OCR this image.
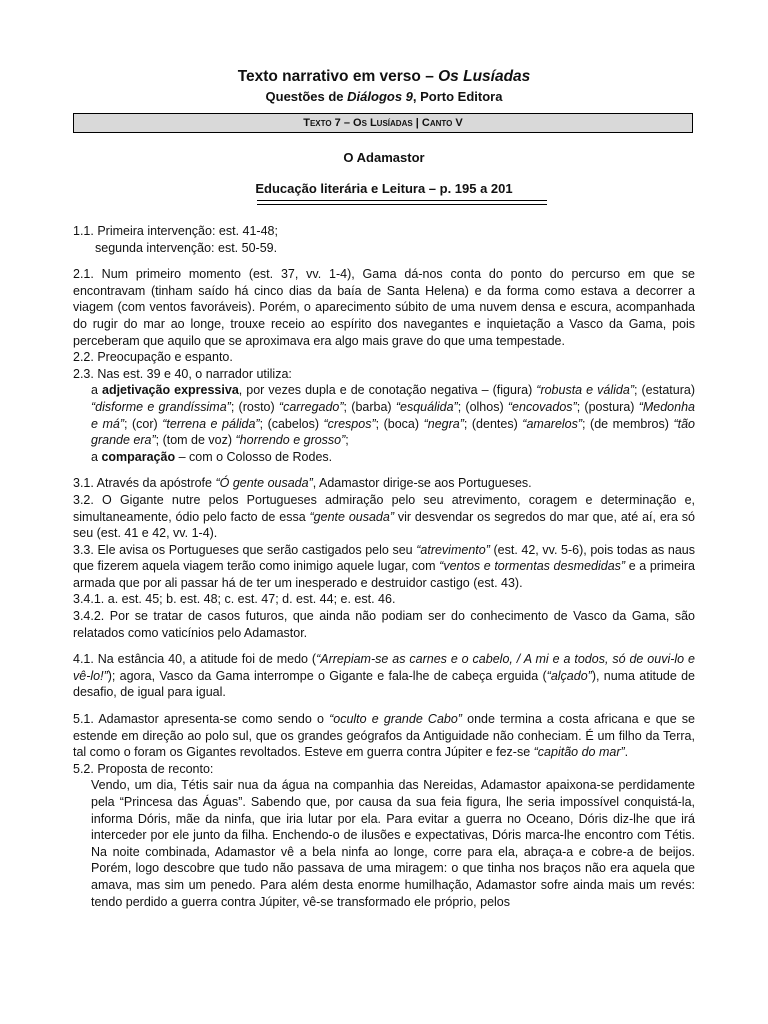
Texto narrativo em verso – Os Lusíadas
Questões de Diálogos 9, Porto Editora
Texto 7 – Os Lusíadas | Canto V
O Adamastor
Educação literária e Leitura – p. 195 a 201

1.1. Primeira intervenção: est. 41-48;

segunda intervenção: est. 50-59.

2.1. Num primeiro momento (est. 37, vv. 1-4), Gama dá-nos conta do ponto do percurso em que se encontravam (tinham saído há cinco dias da baía de Santa Helena) e da forma como estava a decorrer a viagem (com ventos favoráveis). Porém, o aparecimento súbito de uma nuvem densa e escura, acompanhada do rugir do mar ao longe, trouxe receio ao espírito dos navegantes e inquietação a Vasco da Gama, pois perceberam que aquilo que se aproximava era algo mais grave do que uma tempestade.

2.2. Preocupação e espanto.

2.3. Nas est. 39 e 40, o narrador utiliza:

a adjetivação expressiva, por vezes dupla e de conotação negativa – (figura) “robusta e válida”; (estatura) “disforme e grandíssima”; (rosto) “carregado”; (barba) “esquálida”; (olhos) “encovados”; (postura) “Medonha e má”; (cor) “terrena e pálida”; (cabelos) “crespos”; (boca) “negra”; (dentes) “amarelos”; (de membros) “tão grande era”; (tom de voz) “horrendo e grosso”;

a comparação – com o Colosso de Rodes.

3.1. Através da apóstrofe “Ó gente ousada”, Adamastor dirige-se aos Portugueses.

3.2. O Gigante nutre pelos Portugueses admiração pelo seu atrevimento, coragem e determinação e, simultaneamente, ódio pelo facto de essa “gente ousada” vir desvendar os segredos do mar que, até aí, era só seu (est. 41 e 42, vv. 1-4).

3.3. Ele avisa os Portugueses que serão castigados pelo seu “atrevimento” (est. 42, vv. 5-6), pois todas as naus que fizerem aquela viagem terão como inimigo aquele lugar, com “ventos e tormentas desmedidas” e a primeira armada que por ali passar há de ter um inesperado e destruidor castigo (est. 43).

3.4.1. a. est. 45; b. est. 48; c. est. 47; d. est. 44; e. est. 46.

3.4.2. Por se tratar de casos futuros, que ainda não podiam ser do conhecimento de Vasco da Gama, são relatados como vaticínios pelo Adamastor.

4.1. Na estância 40, a atitude foi de medo (“Arrepiam-se as carnes e o cabelo, / A mi e a todos, só de ouvi-lo e vê-lo!”); agora, Vasco da Gama interrompe o Gigante e fala-lhe de cabeça erguida (“alçado”), numa atitude de desafio, de igual para igual.

5.1. Adamastor apresenta-se como sendo o “oculto e grande Cabo” onde termina a costa africana e que se estende em direção ao polo sul, que os grandes geógrafos da Antiguidade não conheciam. É um filho da Terra, tal como o foram os Gigantes revoltados. Esteve em guerra contra Júpiter e fez-se “capitão do mar”.

5.2. Proposta de reconto:

Vendo, um dia, Tétis sair nua da água na companhia das Nereidas, Adamastor apaixona-se perdidamente pela “Princesa das Águas”. Sabendo que, por causa da sua feia figura, lhe seria impossível conquistá-la, informa Dóris, mãe da ninfa, que iria lutar por ela. Para evitar a guerra no Oceano, Dóris diz-lhe que irá interceder por ele junto da filha. Enchendo-o de ilusões e expectativas, Dóris marca-lhe encontro com Tétis. Na noite combinada, Adamastor vê a bela ninfa ao longe, corre para ela, abraça-a e cobre-a de beijos. Porém, logo descobre que tudo não passava de uma miragem: o que tinha nos braços não era aquela que amava, mas sim um penedo. Para além desta enorme humilhação, Adamastor sofre ainda mais um revés: tendo perdido a guerra contra Júpiter, vê-se transformado ele próprio, pelos
